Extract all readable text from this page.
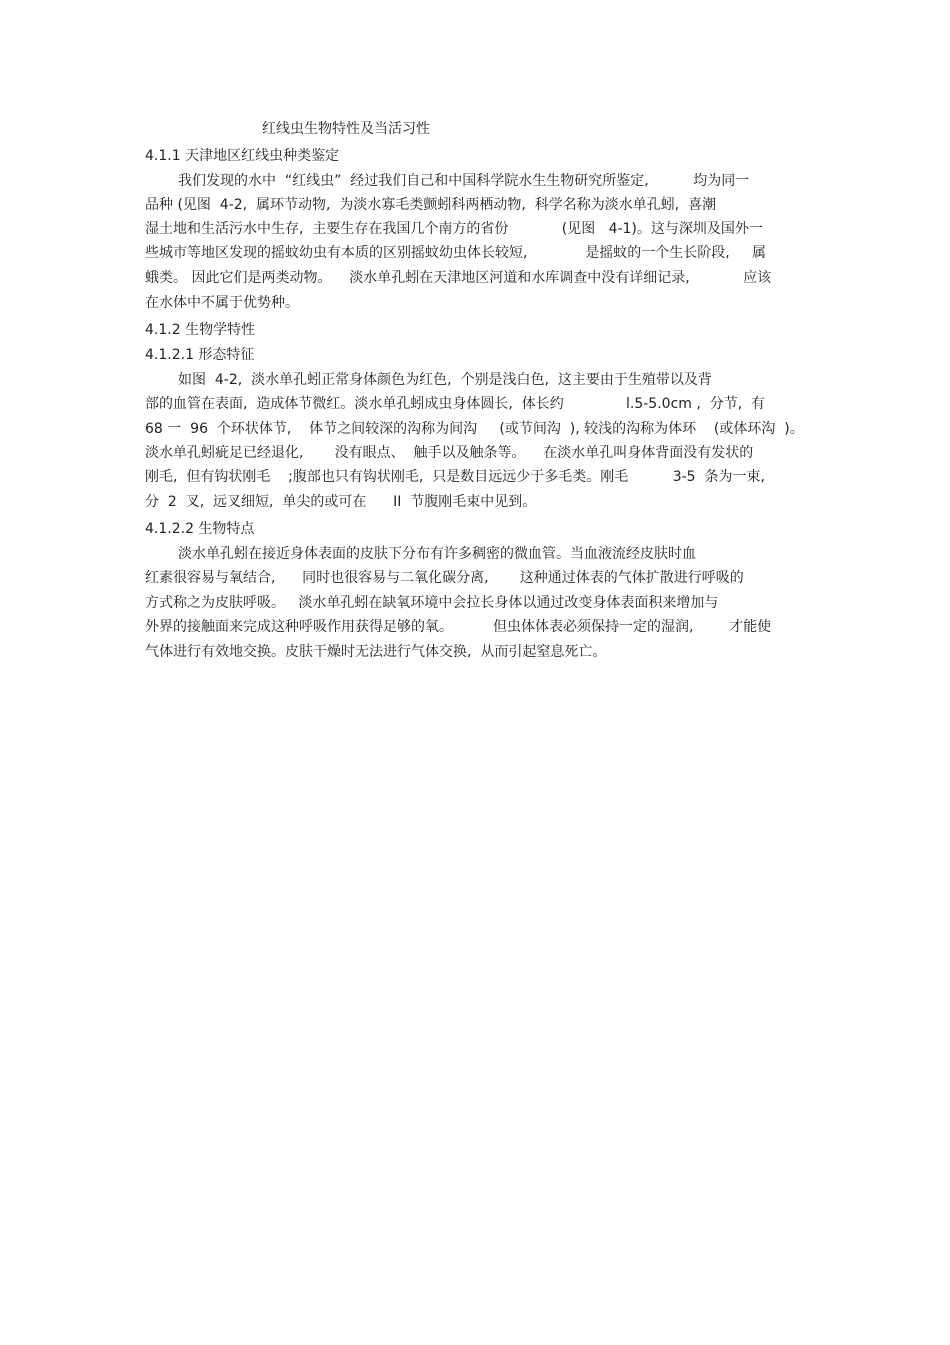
红线虫生物特性及当活习性
4.1.1 天津地区红线虫种类鉴定
我们发现的水中  “红线虫”  经过我们自己和中国科学院水生生物研究所鉴定,          均为同一
品种 (见图  4-2,  属环节动物,  为淡水寡毛类颤蚓科两栖动物,  科学名称为淡水单孔蚓,  喜潮
湿土地和生活污水中生存,  主要生存在我国几个南方的省份            (见图   4-1)。这与深圳及国外一
些城市等地区发现的摇蚊幼虫有本质的区别摇蚊幼虫体长较短,             是摇蚊的一个生长阶段,     属
蛾类。 因此它们是两类动物。    淡水单孔蚓在天津地区河道和水库调查中没有详细记录,            应该
在水体中不属于优势种。
4.1.2 生物学特性
4.1.2.1 形态特征
如图  4-2,  淡水单孔蚓正常身体颜色为红色,  个别是浅白色,  这主要由于生殖带以及背
部的血管在表面,  造成体节微红。淡水单孔蚓成虫身体圆长,  体长约              l.5-5.0cm ,  分节,  有
68 一  96  个环状体节,    体节之间较深的沟称为间沟     (或节间沟  ), 较浅的沟称为体环    (或体环沟  )。
淡水单孔蚓疵足已经退化,       没有眼点、  触手以及触条等。    在淡水单孔叫身体背面没有发状的
刚毛,  但有钩状刚毛    ;腹部也只有钩状刚毛,  只是数目远远少于多毛类。刚毛          3-5  条为一束,
分  2  叉,  远叉细短,  单尖的或可在      II  节腹刚毛束中见到。
4.1.2.2 生物特点
淡水单孔蚓在接近身体表面的皮肤下分布有许多稠密的微血管。当血液流经皮肤时血
红素很容易与氧结合,      同时也很容易与二氧化碳分离,       这种通过体表的气体扩散进行呼吸的
方式称之为皮肤呼吸。   淡水单孔蚓在缺氧环境中会拉长身体以通过改变身体表面积来增加与
外界的接触面来完成这种呼吸作用获得足够的氧。         但虫体体表必须保持一定的湿润,        才能使
气体进行有效地交换。皮肤干燥时无法进行气体交换,  从而引起窒息死亡。
